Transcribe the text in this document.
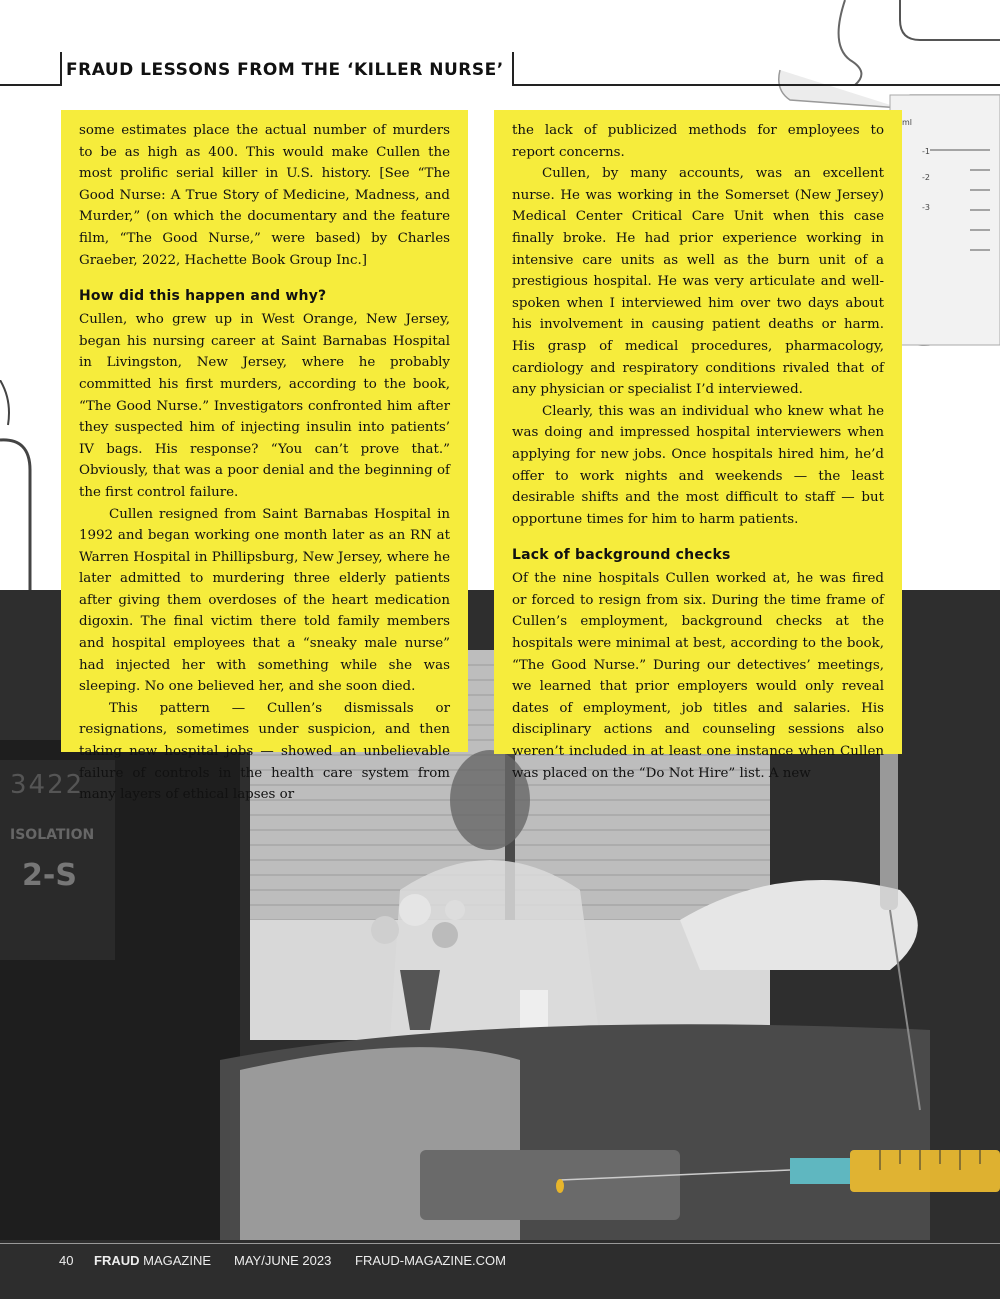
ml
-1
-2
-3
3422
ISOLATION
2-S
FRAUD LESSONS FROM THE ‘KILLER NURSE’

some estimates place the actual number of murders to be as high as 400. This would make Cullen the most prolific serial killer in U.S. history. [See “The Good Nurse: A True Story of Medicine, Madness, and Murder,” (on which the documentary and the feature film, “The Good Nurse,” were based) by Charles Graeber, 2022, Hachette Book Group Inc.]

How did this happen and why?

Cullen, who grew up in West Orange, New Jersey, began his nursing career at Saint Barnabas Hospital in Livingston, New Jersey, where he probably committed his first murders, according to the book, “The Good Nurse.” Investigators confronted him after they suspected him of injecting insulin into patients’ IV bags. His response? “You can’t prove that.” Obviously, that was a poor denial and the beginning of the first control failure.

Cullen resigned from Saint Barnabas Hospital in 1992 and began working one month later as an RN at Warren Hospital in Phillipsburg, New Jersey, where he later admitted to murdering three elderly patients after giving them overdoses of the heart medication digoxin. The final victim there told family members and hospital employees that a “sneaky male nurse” had injected her with something while she was sleeping. No one believed her, and she soon died.

This pattern — Cullen’s dismissals or resignations, sometimes under suspicion, and then taking new hospital jobs — showed an unbelievable failure of controls in the health care system from many layers of ethical lapses or

the lack of publicized methods for employees to report concerns.

Cullen, by many accounts, was an excellent nurse. He was working in the Somerset (New Jersey) Medical Center Critical Care Unit when this case finally broke. He had prior experience working in intensive care units as well as the burn unit of a prestigious hospital. He was very articulate and well-spoken when I interviewed him over two days about his involvement in causing patient deaths or harm. His grasp of medical procedures, pharmacology, cardiology and respiratory conditions rivaled that of any physician or specialist I’d interviewed.

Clearly, this was an individual who knew what he was doing and impressed hospital interviewers when applying for new jobs. Once hospitals hired him, he’d offer to work nights and weekends — the least desirable shifts and the most difficult to staff — but opportune times for him to harm patients.

Lack of background checks

Of the nine hospitals Cullen worked at, he was fired or forced to resign from six. During the time frame of Cullen’s employment, background checks at the hospitals were minimal at best, according to the book, “The Good Nurse.” During our detectives’ meetings, we learned that prior employers would only reveal dates of employment, job titles and salaries. His disciplinary actions and counseling sessions also weren’t included in at least one instance when Cullen was placed on the “Do Not Hire” list. A new

40 FRAUD MAGAZINE MAY/JUNE 2023 FRAUD-MAGAZINE.COM
